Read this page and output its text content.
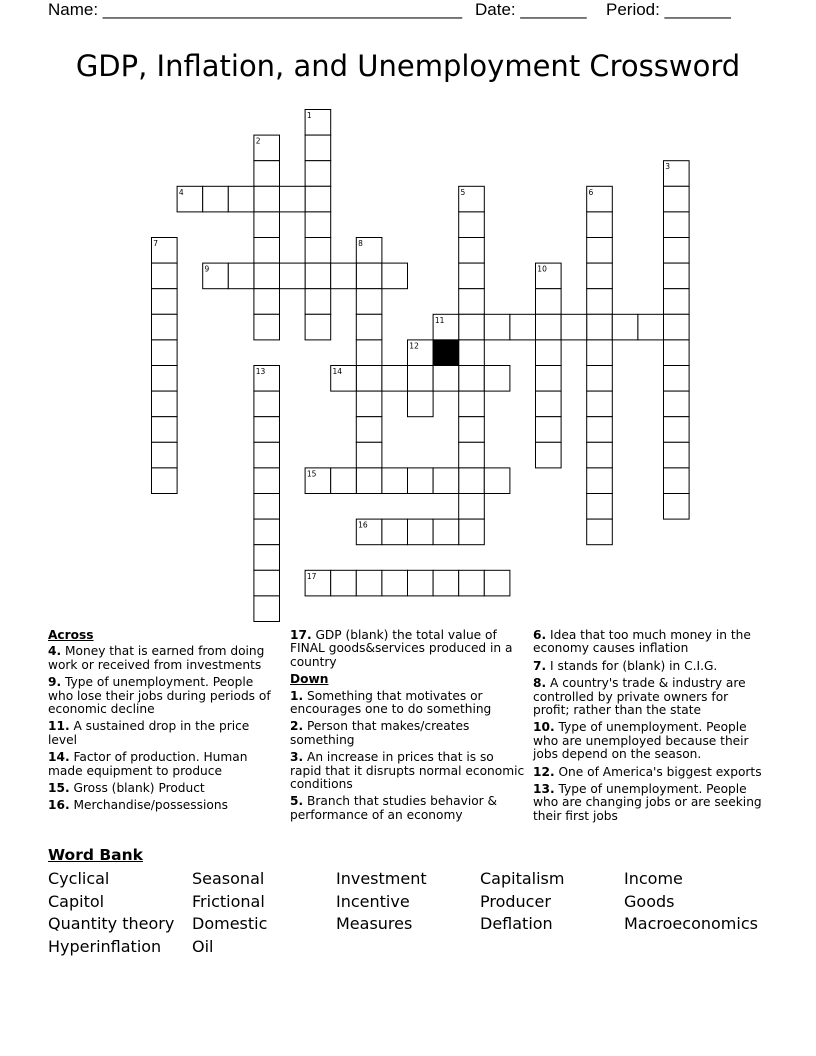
Name: ______________________________________ Date: _______ Period: _______
GDP, Inflation, and Unemployment Crossword
1
2
3
4	5	6
7	8
9	10
11
12
13	14
15
16
17
Across
4. Money that is earned from doing work or received from investments
9. Type of unemployment. People who lose their jobs during periods of economic decline
11. A sustained drop in the price level
14. Factor of production. Human made equipment to produce
15. Gross (blank) Product
16. Merchandise/possessions
17. GDP (blank) the total value of FINAL goods&services produced in a country
Down
1. Something that motivates or encourages one to do something
2. Person that makes/creates something
3. An increase in prices that is so rapid that it disrupts normal economic conditions
5. Branch that studies behavior & performance of an economy
6. Idea that too much money in the economy causes inflation
7. I stands for (blank) in C.I.G.
8. A country's trade & industry are controlled by private owners for profit; rather than the state
10. Type of unemployment. People who are unemployed because their jobs depend on the season.
12. One of America's biggest exports
13. Type of unemployment. People who are changing jobs or are seeking their first jobs
Word Bank
Cyclical
Capitol
Quantity theory
Hyperinflation
Seasonal
Frictional
Domestic
Oil
Investment
Incentive
Measures
Capitalism
Producer
Deflation
Income
Goods
Macroeconomics
